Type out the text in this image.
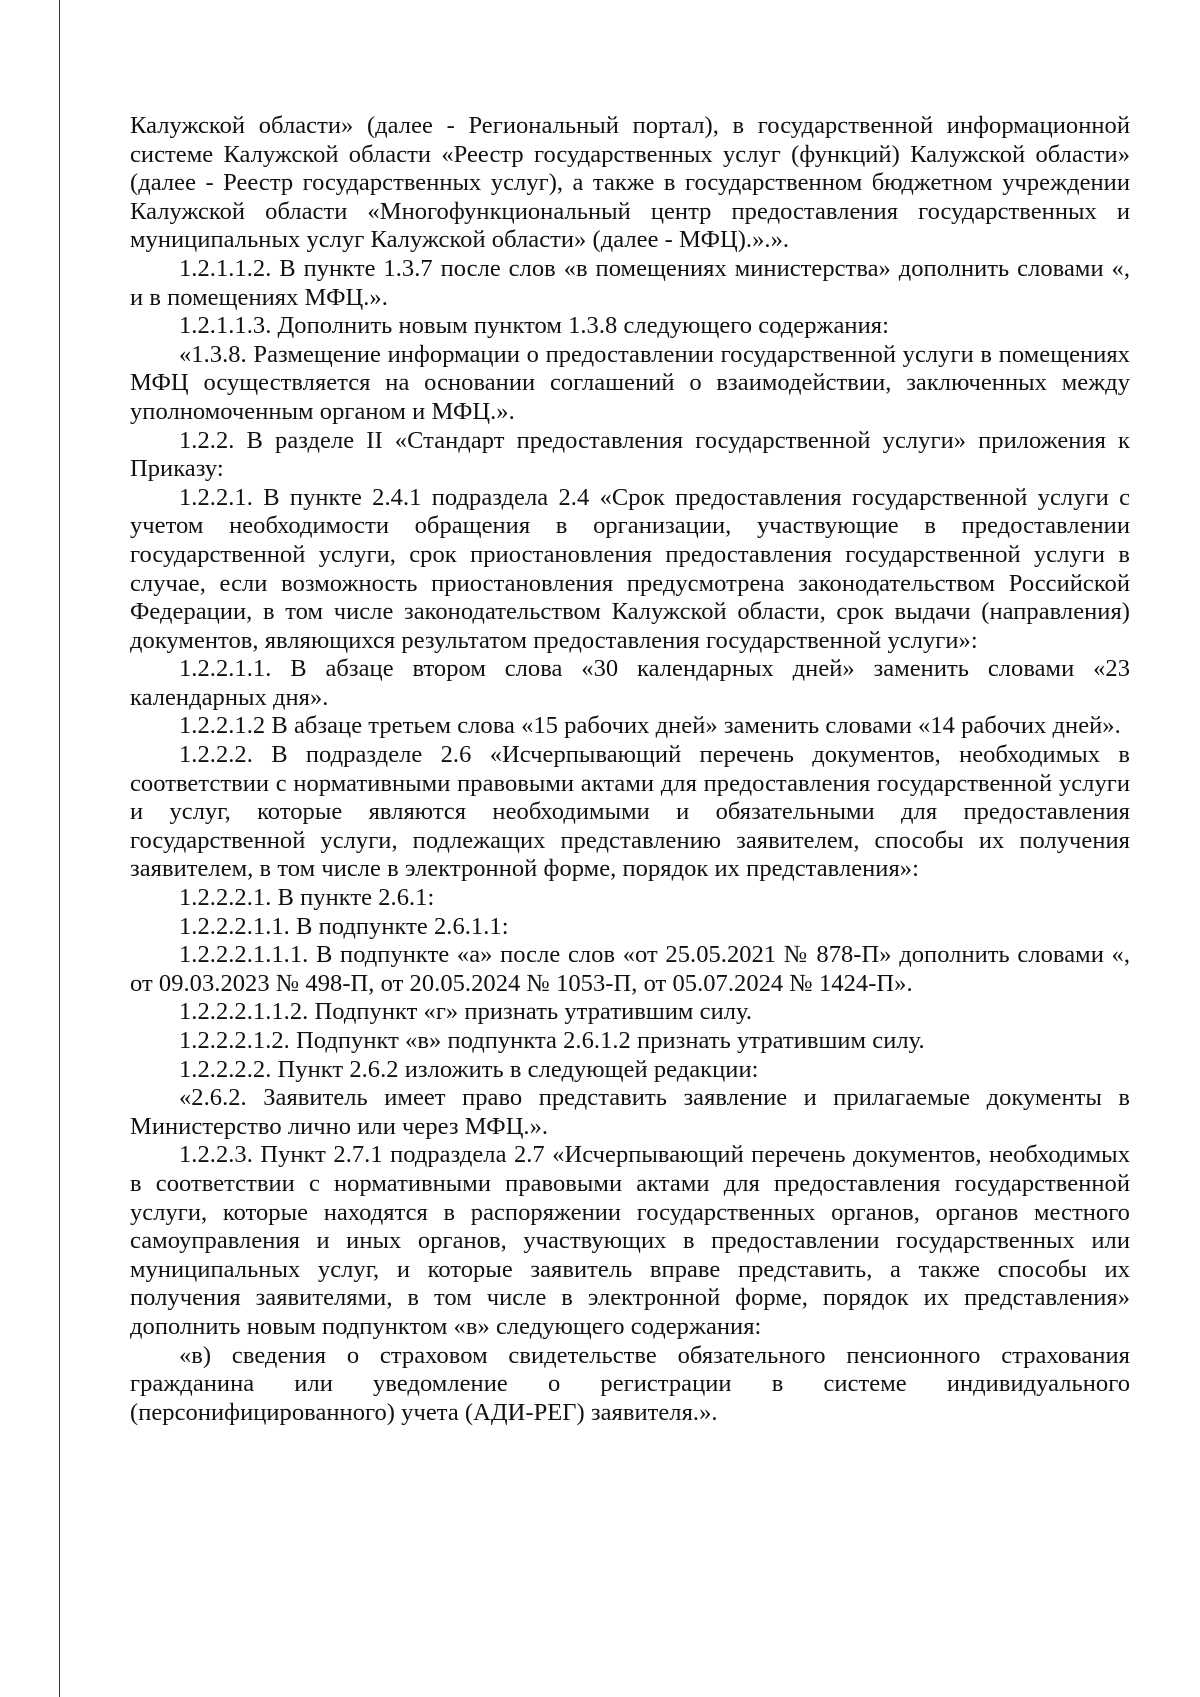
Калужской области» (далее - Региональный портал), в государственной информационной системе Калужской области «Реестр государственных услуг (функций) Калужской области» (далее - Реестр государственных услуг), а также в государственном бюджетном учреждении Калужской области «Многофункциональный центр предоставления государственных и муниципальных услуг Калужской области» (далее - МФЦ).».».

1.2.1.1.2. В пункте 1.3.7 после слов «в помещениях министерства» дополнить словами «, и в помещениях МФЦ.».

1.2.1.1.3. Дополнить новым пунктом 1.3.8 следующего содержания:

«1.3.8. Размещение информации о предоставлении государственной услуги в помещениях МФЦ осуществляется на основании соглашений о взаимодействии, заключенных между уполномоченным органом и МФЦ.».

1.2.2. В разделе II «Стандарт предоставления государственной услуги» приложения к Приказу:

1.2.2.1. В пункте 2.4.1 подраздела 2.4 «Срок предоставления государственной услуги с учетом необходимости обращения в организации, участвующие в предоставлении государственной услуги, срок приостановления предоставления государственной услуги в случае, если возможность приостановления предусмотрена законодательством Российской Федерации, в том числе законодательством Калужской области, срок выдачи (направления) документов, являющихся результатом предоставления государственной услуги»:

1.2.2.1.1. В абзаце втором слова «30 календарных дней» заменить словами «23 календарных дня».

1.2.2.1.2 В абзаце третьем слова «15 рабочих дней» заменить словами «14 рабочих дней».

1.2.2.2. В подразделе 2.6 «Исчерпывающий перечень документов, необходимых в соответствии с нормативными правовыми актами для предоставления государственной услуги и услуг, которые являются необходимыми и обязательными для предоставления государственной услуги, подлежащих представлению заявителем, способы их получения заявителем, в том числе в электронной форме, порядок их представления»:

1.2.2.2.1. В пункте 2.6.1:

1.2.2.2.1.1. В подпункте 2.6.1.1:

1.2.2.2.1.1.1. В подпункте «а» после слов «от 25.05.2021 № 878-П» дополнить словами «, от 09.03.2023 № 498-П, от 20.05.2024 № 1053-П, от 05.07.2024 № 1424-П».

1.2.2.2.1.1.2. Подпункт «г» признать утратившим силу.

1.2.2.2.1.2. Подпункт «в» подпункта 2.6.1.2 признать утратившим силу.

1.2.2.2.2. Пункт 2.6.2 изложить в следующей редакции:

«2.6.2. Заявитель имеет право представить заявление и прилагаемые документы в Министерство лично или через МФЦ.».

1.2.2.3. Пункт 2.7.1 подраздела 2.7 «Исчерпывающий перечень документов, необходимых в соответствии с нормативными правовыми актами для предоставления государственной услуги, которые находятся в распоряжении государственных органов, органов местного самоуправления и иных органов, участвующих в предоставлении государственных или муниципальных услуг, и которые заявитель вправе представить, а также способы их получения заявителями, в том числе в электронной форме, порядок их представления» дополнить новым подпунктом «в» следующего содержания:

«в) сведения о страховом свидетельстве обязательного пенсионного страхования гражданина или уведомление о регистрации в системе индивидуального (персонифицированного) учета (АДИ-РЕГ) заявителя.».
